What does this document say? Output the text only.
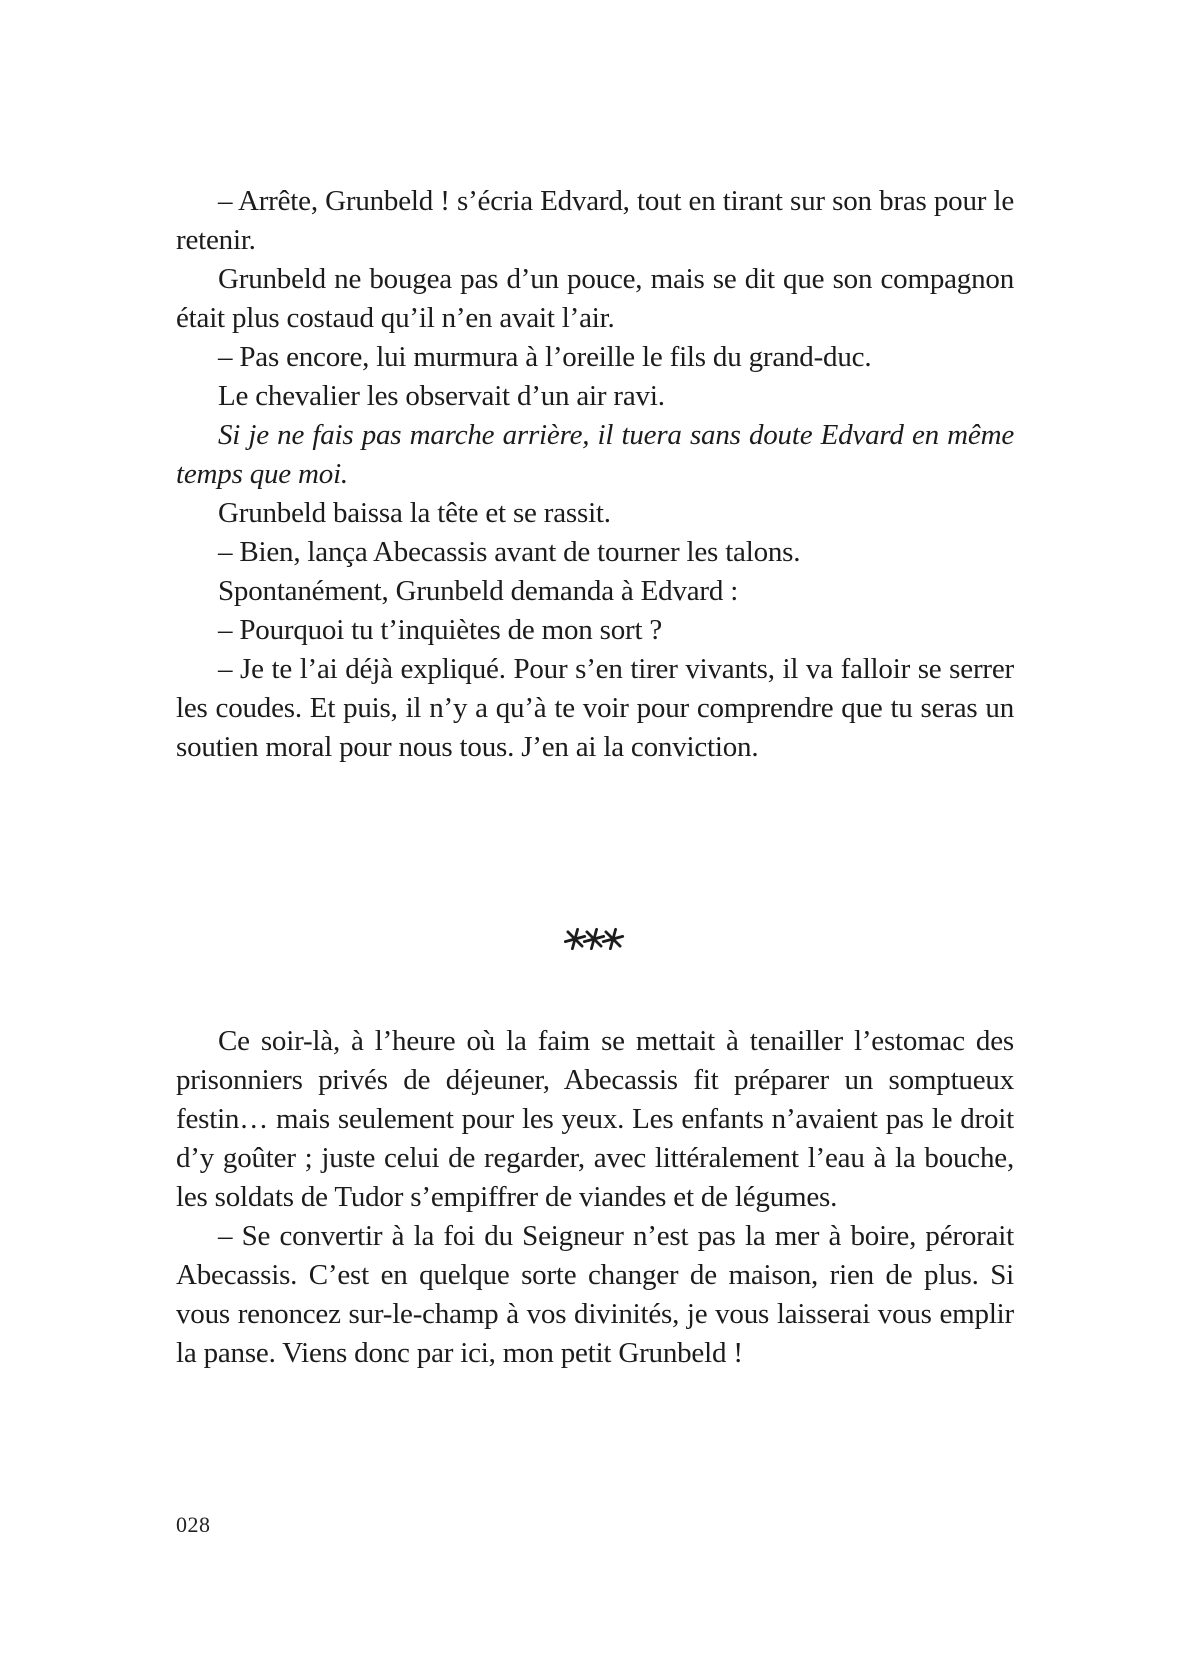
– Arrête, Grunbeld ! s’écria Edvard, tout en tirant sur son bras pour le retenir.

Grunbeld ne bougea pas d’un pouce, mais se dit que son compagnon était plus costaud qu’il n’en avait l’air.

– Pas encore, lui murmura à l’oreille le fils du grand-duc.

Le chevalier les observait d’un air ravi.

Si je ne fais pas marche arrière, il tuera sans doute Edvard en même temps que moi.

Grunbeld baissa la tête et se rassit.

– Bien, lança Abecassis avant de tourner les talons.

Spontanément, Grunbeld demanda à Edvard :

– Pourquoi tu t’inquiètes de mon sort ?

– Je te l’ai déjà expliqué. Pour s’en tirer vivants, il va falloir se serrer les coudes. Et puis, il n’y a qu’à te voir pour comprendre que tu seras un soutien moral pour nous tous. J’en ai la conviction.

Ce soir-là, à l’heure où la faim se mettait à tenailler l’estomac des prisonniers privés de déjeuner, Abecassis fit préparer un somptueux festin… mais seulement pour les yeux. Les enfants n’avaient pas le droit d’y goûter ; juste celui de regarder, avec littéralement l’eau à la bouche, les soldats de Tudor s’empiffrer de viandes et de légumes.

– Se convertir à la foi du Seigneur n’est pas la mer à boire, pérorait Abecassis. C’est en quelque sorte changer de maison, rien de plus. Si vous renoncez sur-le-champ à vos divinités, je vous laisserai vous emplir la panse. Viens donc par ici, mon petit Grunbeld !

028
